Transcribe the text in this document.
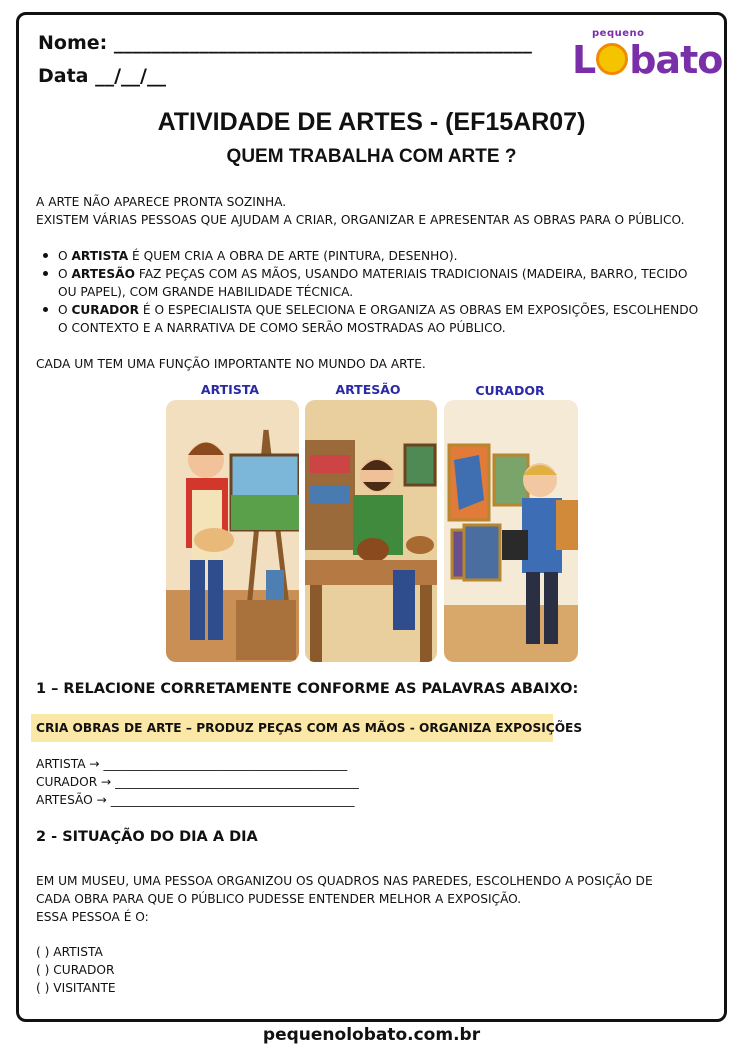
Nome: ____________________________________________
Data __/__/__
pequeno
L bato
ATIVIDADE DE ARTES - (EF15AR07)
QUEM TRABALHA COM ARTE ?
A ARTE NÃO APARECE PRONTA SOZINHA.
EXISTEM VÁRIAS PESSOAS QUE AJUDAM A CRIAR, ORGANIZAR E APRESENTAR AS OBRAS PARA O PÚBLICO.
O ARTISTA É QUEM CRIA A OBRA DE ARTE (PINTURA, DESENHO).
O ARTESÃO FAZ PEÇAS COM AS MÃOS, USANDO MATERIAIS TRADICIONAIS (MADEIRA, BARRO, TECIDO
OU PAPEL), COM GRANDE HABILIDADE TÉCNICA.
O CURADOR É O ESPECIALISTA QUE SELECIONA E ORGANIZA AS OBRAS EM EXPOSIÇÕES, ESCOLHENDO
O CONTEXTO E A NARRATIVA DE COMO SERÃO MOSTRADAS AO PÚBLICO.
CADA UM TEM UMA FUNÇÃO IMPORTANTE NO MUNDO DA ARTE.
ARTISTA	ARTESÃO	CURADOR
1 – RELACIONE CORRETAMENTE CONFORME AS PALAVRAS ABAIXO:
CRIA OBRAS DE ARTE – PRODUZ PEÇAS COM AS MÃOS - ORGANIZA EXPOSIÇÕES
ARTISTA → ________________________________________
CURADOR → ________________________________________
ARTESÃO → ________________________________________
2 - SITUAÇÃO DO DIA A DIA
EM UM MUSEU, UMA PESSOA ORGANIZOU OS QUADROS NAS PAREDES, ESCOLHENDO A POSIÇÃO DE
CADA OBRA PARA QUE O PÚBLICO PUDESSE ENTENDER MELHOR A EXPOSIÇÃO.
ESSA PESSOA É O:
( ) ARTISTA
( ) CURADOR
( ) VISITANTE
pequenolobato.com.br
